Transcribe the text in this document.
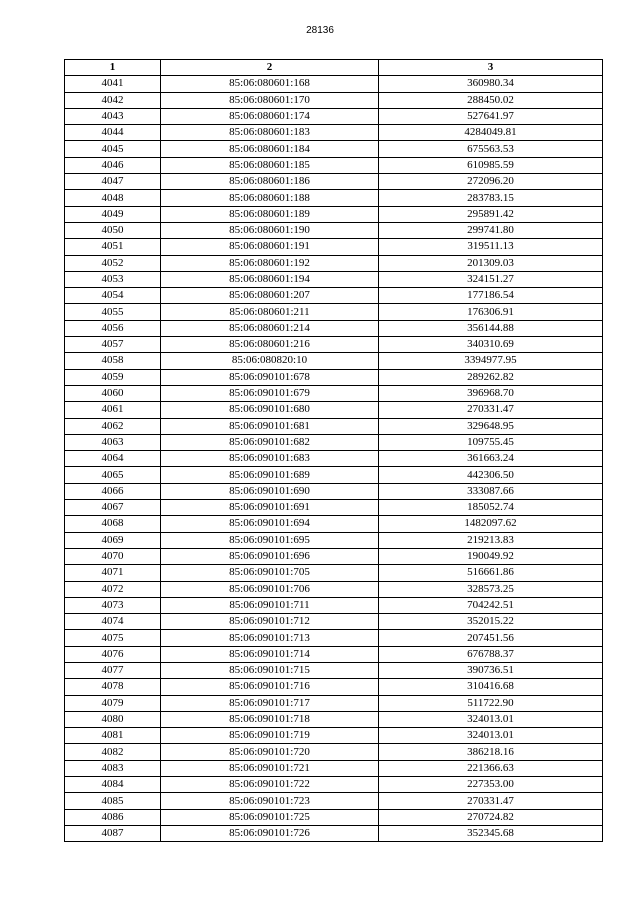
28136
1	2	3
4041	85:06:080601:168	360980.34
4042	85:06:080601:170	288450.02
4043	85:06:080601:174	527641.97
4044	85:06:080601:183	4284049.81
4045	85:06:080601:184	675563.53
4046	85:06:080601:185	610985.59
4047	85:06:080601:186	272096.20
4048	85:06:080601:188	283783.15
4049	85:06:080601:189	295891.42
4050	85:06:080601:190	299741.80
4051	85:06:080601:191	319511.13
4052	85:06:080601:192	201309.03
4053	85:06:080601:194	324151.27
4054	85:06:080601:207	177186.54
4055	85:06:080601:211	176306.91
4056	85:06:080601:214	356144.88
4057	85:06:080601:216	340310.69
4058	85:06:080820:10	3394977.95
4059	85:06:090101:678	289262.82
4060	85:06:090101:679	396968.70
4061	85:06:090101:680	270331.47
4062	85:06:090101:681	329648.95
4063	85:06:090101:682	109755.45
4064	85:06:090101:683	361663.24
4065	85:06:090101:689	442306.50
4066	85:06:090101:690	333087.66
4067	85:06:090101:691	185052.74
4068	85:06:090101:694	1482097.62
4069	85:06:090101:695	219213.83
4070	85:06:090101:696	190049.92
4071	85:06:090101:705	516661.86
4072	85:06:090101:706	328573.25
4073	85:06:090101:711	704242.51
4074	85:06:090101:712	352015.22
4075	85:06:090101:713	207451.56
4076	85:06:090101:714	676788.37
4077	85:06:090101:715	390736.51
4078	85:06:090101:716	310416.68
4079	85:06:090101:717	511722.90
4080	85:06:090101:718	324013.01
4081	85:06:090101:719	324013.01
4082	85:06:090101:720	386218.16
4083	85:06:090101:721	221366.63
4084	85:06:090101:722	227353.00
4085	85:06:090101:723	270331.47
4086	85:06:090101:725	270724.82
4087	85:06:090101:726	352345.68
